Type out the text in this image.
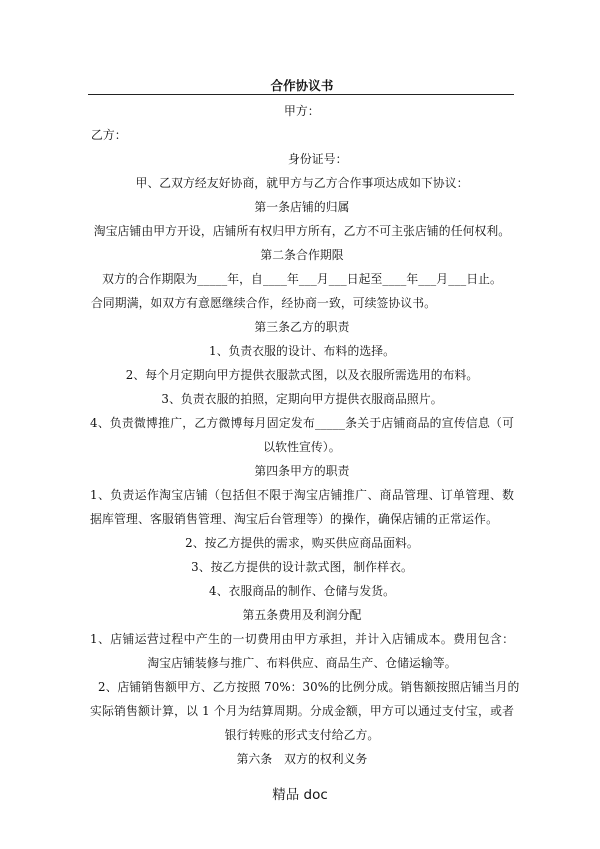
合作协议书
甲方：
乙方：
身份证号：
甲、乙双方经友好协商，就甲方与乙方合作事项达成如下协议：
第一条店铺的归属
淘宝店铺由甲方开设，店铺所有权归甲方所有，乙方不可主张店铺的任何权利。
第二条合作期限
双方的合作期限为_____年，自____年___月___日起至____年___月___日止。
合同期满，如双方有意愿继续合作，经协商一致，可续签协议书。
第三条乙方的职责
1、负责衣服的设计、布料的选择。
2、每个月定期向甲方提供衣服款式图，以及衣服所需选用的布料。
3、负责衣服的拍照，定期向甲方提供衣服商品照片。
4、负责微博推广，乙方微博每月固定发布_____条关于店铺商品的宣传信息（可
以软性宣传）。
第四条甲方的职责
1、负责运作淘宝店铺（包括但不限于淘宝店铺推广、商品管理、订单管理、数
据库管理、客服销售管理、淘宝后台管理等）的操作，确保店铺的正常运作。
2、按乙方提供的需求，购买供应商品面料。
3、按乙方提供的设计款式图，制作样衣。
4、衣服商品的制作、仓储与发货。
第五条费用及利润分配
1、店铺运营过程中产生的一切费用由甲方承担，并计入店铺成本。费用包含：
淘宝店铺装修与推广、布料供应、商品生产、仓储运输等。
2、店铺销售额甲方、乙方按照 70%：30%的比例分成。销售额按照店铺当月的
实际销售额计算，以 1 个月为结算周期。分成金额，甲方可以通过支付宝，或者
银行转账的形式支付给乙方。
第六条　双方的权利义务
精品 doc
